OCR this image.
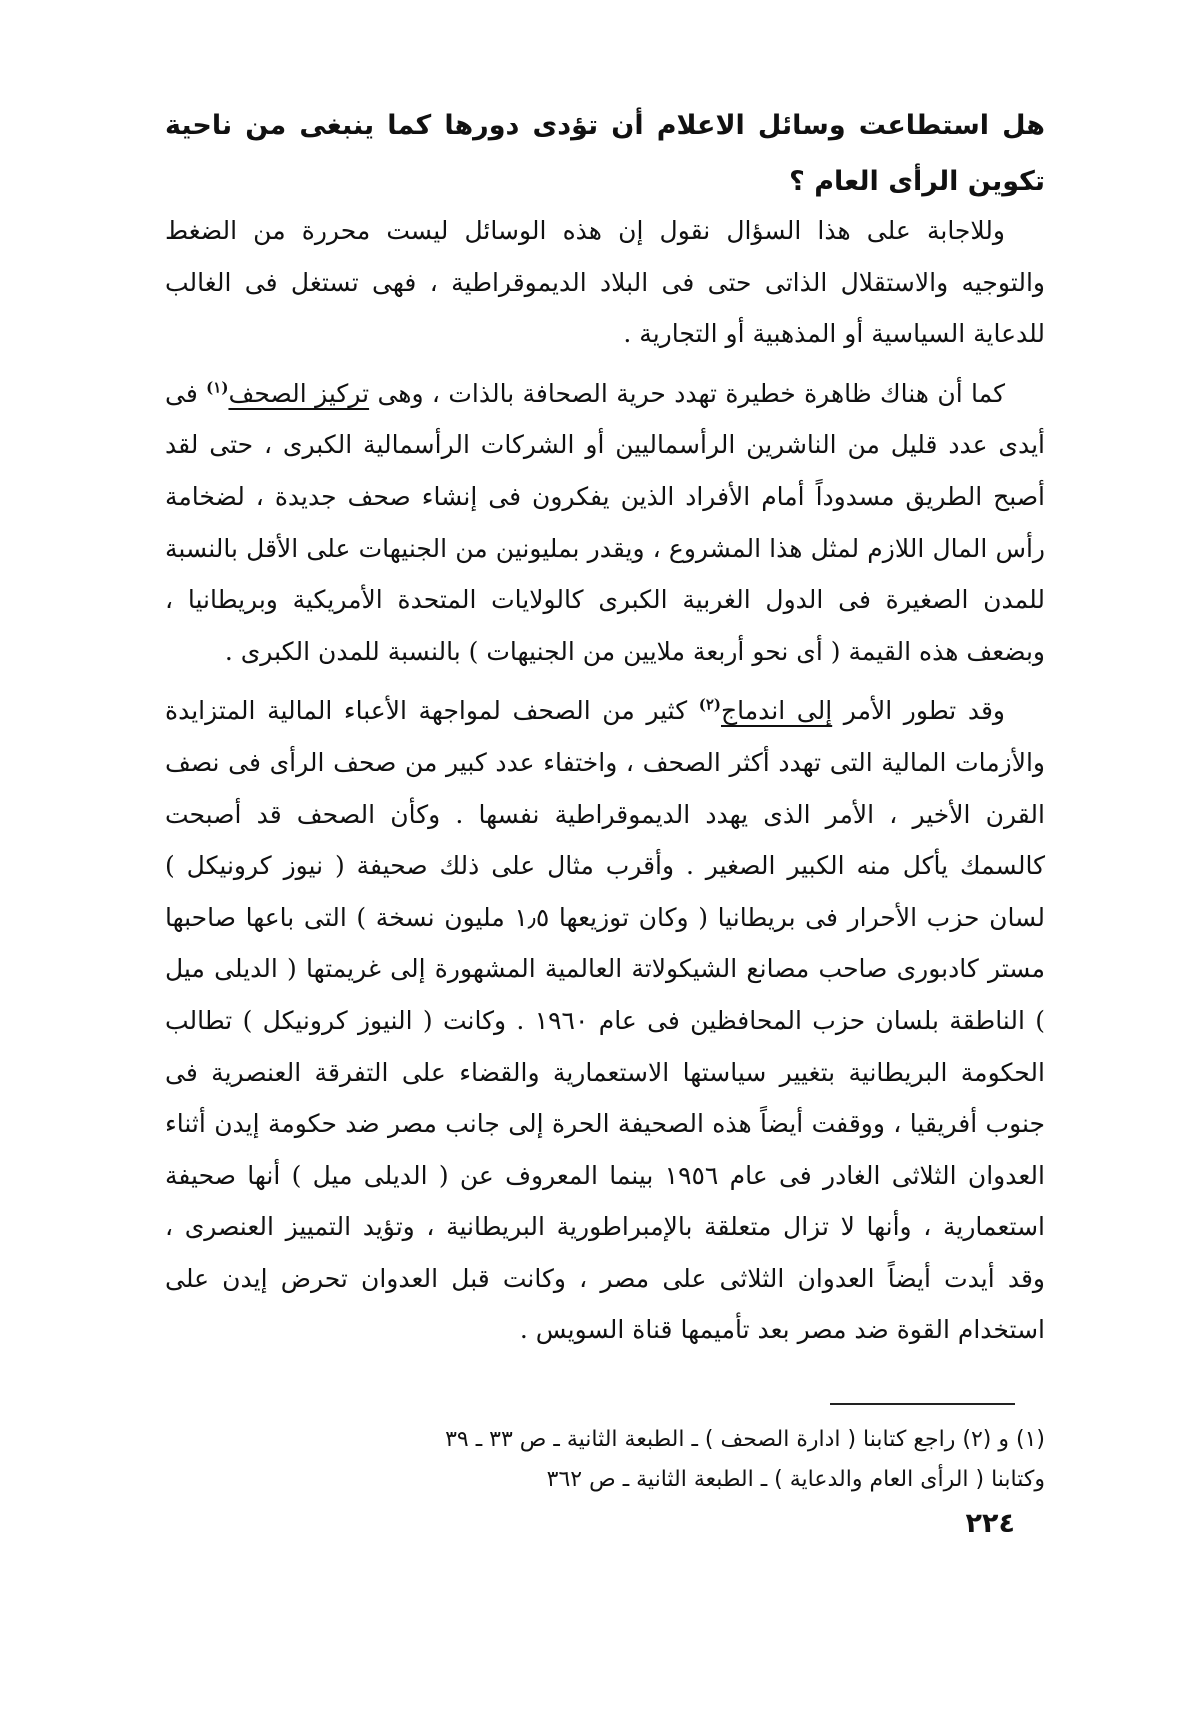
هل استطاعت وسائل الاعلام أن تؤدى دورها كما ينبغى من ناحية تكوين الرأى العام ؟

وللاجابة على هذا السؤال نقول إن هذه الوسائل ليست محررة من الضغط والتوجيه والاستقلال الذاتى حتى فى البلاد الديموقراطية ، فهى تستغل فى الغالب للدعاية السياسية أو المذهبية أو التجارية .

كما أن هناك ظاهرة خطيرة تهدد حرية الصحافة بالذات ، وهى تركيز الصحف$^{(١)}$ فى أيدى عدد قليل من الناشرين الرأسماليين أو الشركات الرأسمالية الكبرى ، حتى لقد أصبح الطريق مسدوداً أمام الأفراد الذين يفكرون فى إنشاء صحف جديدة ، لضخامة رأس المال اللازم لمثل هذا المشروع ، ويقدر بمليونين من الجنيهات على الأقل بالنسبة للمدن الصغيرة فى الدول الغربية الكبرى كالولايات المتحدة الأمريكية وبريطانيا ، وبضعف هذه القيمة ( أى نحو أربعة ملايين من الجنيهات ) بالنسبة للمدن الكبرى .

وقد تطور الأمر إلى اندماج$^{(٢)}$ كثير من الصحف لمواجهة الأعباء المالية المتزايدة والأزمات المالية التى تهدد أكثر الصحف ، واختفاء عدد كبير من صحف الرأى فى نصف القرن الأخير ، الأمر الذى يهدد الديموقراطية نفسها . وكأن الصحف قد أصبحت كالسمك يأكل منه الكبير الصغير . وأقرب مثال على ذلك صحيفة ( نيوز كرونيكل ) لسان حزب الأحرار فى بريطانيا ( وكان توزيعها ١٫٥ مليون نسخة ) التى باعها صاحبها مستر كادبورى صاحب مصانع الشيكولاتة العالمية المشهورة إلى غريمتها ( الديلى ميل ) الناطقة بلسان حزب المحافظين فى عام ١٩٦٠ . وكانت ( النيوز كرونيكل ) تطالب الحكومة البريطانية بتغيير سياستها الاستعمارية والقضاء على التفرقة العنصرية فى جنوب أفريقيا ، ووقفت أيضاً هذه الصحيفة الحرة إلى جانب مصر ضد حكومة إيدن أثناء العدوان الثلاثى الغادر فى عام ١٩٥٦ بينما المعروف عن ( الديلى ميل ) أنها صحيفة استعمارية ، وأنها لا تزال متعلقة بالإمبراطورية البريطانية ، وتؤيد التمييز العنصرى ، وقد أيدت أيضاً العدوان الثلاثى على مصر ، وكانت قبل العدوان تحرض إيدن على استخدام القوة ضد مصر بعد تأميمها قناة السويس .

(١) و (٢) راجع كتابنا ( ادارة الصحف ) ـ الطبعة الثانية ـ ص ٣٣ ـ ٣٩

وكتابنا ( الرأى العام والدعاية ) ـ الطبعة الثانية ـ ص ٣٦٢

٢٢٤
